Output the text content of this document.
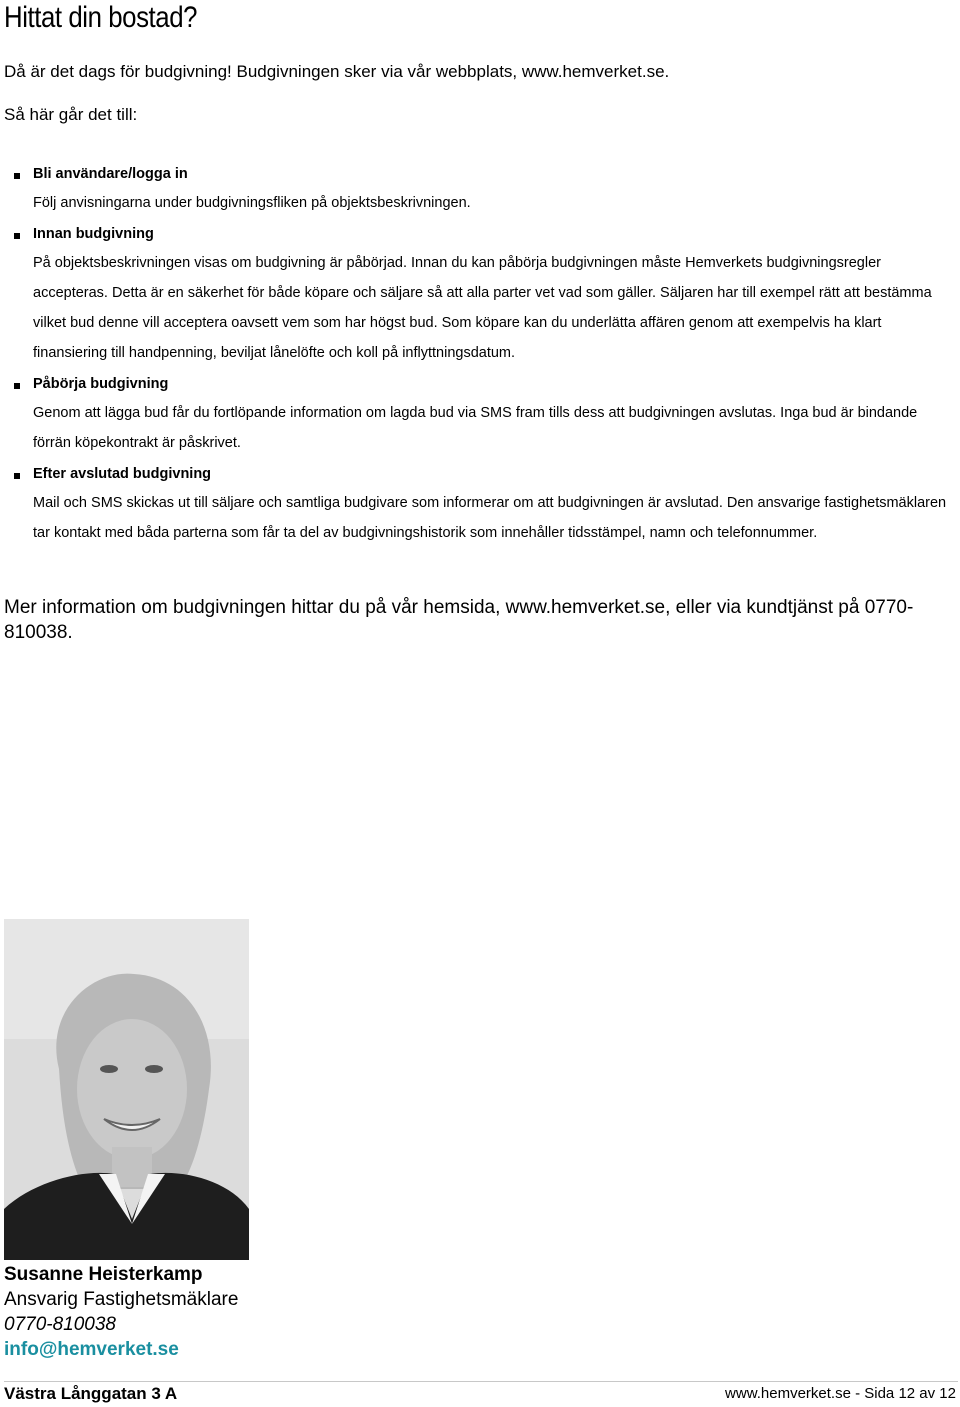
Hittat din bostad?

Då är det dags för budgivning! Budgivningen sker via vår webbplats, www.hemverket.se.

Så här går det till:

Bli användare/logga in

Följ anvisningarna under budgivningsfliken på objektsbeskrivningen.

Innan budgivning

På objektsbeskrivningen visas om budgivning är påbörjad. Innan du kan påbörja budgivningen måste Hemverkets budgivningsregler accepteras. Detta är en säkerhet för både köpare och säljare så att alla parter vet vad som gäller. Säljaren har till exempel rätt att bestämma vilket bud denne vill acceptera oavsett vem som har högst bud. Som köpare kan du underlätta affären genom att exempelvis ha klart finansiering till handpenning, beviljat lånelöfte och koll på inflyttningsdatum.

Påbörja budgivning

Genom att lägga bud får du fortlöpande information om lagda bud via SMS fram tills dess att budgivningen avslutas. Inga bud är bindande förrän köpekontrakt är påskrivet.

Efter avslutad budgivning

Mail och SMS skickas ut till säljare och samtliga budgivare som informerar om att budgivningen är avslutad. Den ansvarige fastighetsmäklaren tar kontakt med båda parterna som får ta del av budgivningshistorik som innehåller tidsstämpel, namn och telefonnummer.

Mer information om budgivningen hittar du på vår hemsida, www.hemverket.se, eller via kundtjänst på 0770-810038.

Susanne Heisterkamp
Ansvarig Fastighetsmäklare
0770-810038
info@hemverket.se
Västra Långgatan 3 A	www.hemverket.se - Sida 12 av 12
